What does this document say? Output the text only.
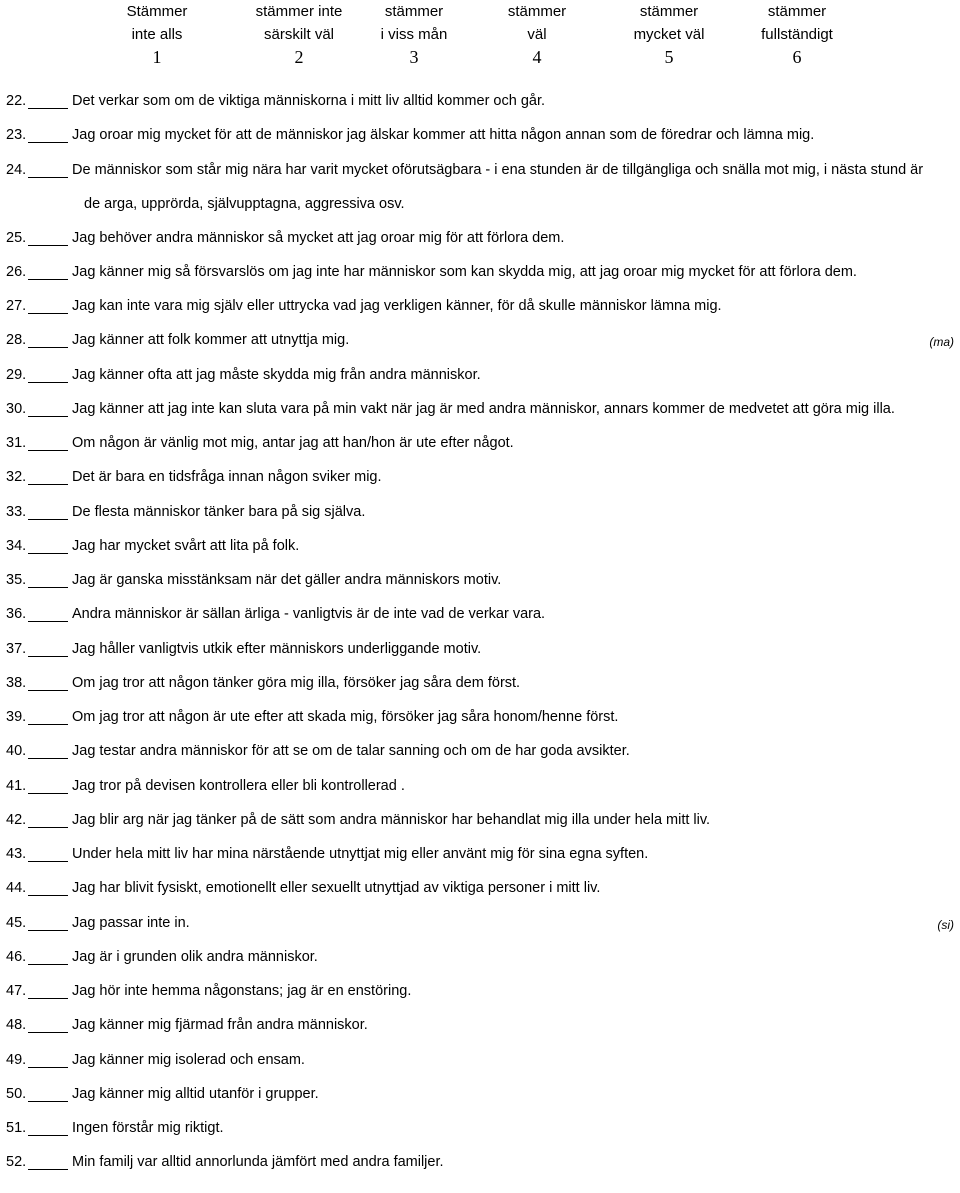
Stämmer
inte alls
1
stämmer inte
särskilt väl
2
stämmer
i viss mån
3
stämmer
väl
4
stämmer
mycket väl
5
stämmer
fullständigt
6
22.	Det verkar som om de viktiga människorna i mitt liv alltid kommer och går.
23.	Jag oroar mig mycket för att de människor jag älskar kommer att hitta någon annan som de föredrar och lämna mig.
24.	De människor som står mig nära har varit mycket oförutsägbara - i ena stunden är de tillgängliga och snälla mot mig, i nästa stund är
de arga, upprörda, självupptagna, aggressiva osv.
25.	Jag behöver andra människor så mycket att jag oroar mig för att förlora dem.
26.	Jag känner mig så försvarslös om jag inte har människor som kan skydda mig, att jag oroar mig mycket för att förlora dem.
27.	Jag kan inte vara mig själv eller uttrycka vad jag verkligen känner, för då skulle människor lämna mig.
28.	Jag känner att folk kommer att utnyttja mig.	(ma)
29.	Jag känner ofta att jag måste skydda mig från andra människor.
30.	Jag känner att jag inte kan sluta vara på min vakt när jag är med andra människor, annars kommer de medvetet att göra mig illa.
31.	Om någon är vänlig mot mig, antar jag att han/hon är ute efter något.
32.	Det är bara en tidsfråga innan någon sviker mig.
33.	De flesta människor tänker bara på sig själva.
34.	Jag har mycket svårt att lita på folk.
35.	Jag är ganska misstänksam när det gäller andra människors motiv.
36.	Andra människor är sällan ärliga - vanligtvis är de inte vad de verkar vara.
37.	Jag håller vanligtvis utkik efter människors underliggande motiv.
38.	Om jag tror att någon tänker göra mig illa, försöker jag såra dem först.
39.	Om jag tror att någon är ute efter att skada mig, försöker jag såra honom/henne först.
40.	Jag testar andra människor för att se om de talar sanning och om de har goda avsikter.
41.	Jag tror på devisen kontrollera eller bli kontrollerad .
42.	Jag blir arg när jag tänker på de sätt som andra människor har behandlat mig illa under hela mitt liv.
43.	Under hela mitt liv har mina närstående utnyttjat mig eller använt mig för sina egna syften.
44.	Jag har blivit fysiskt, emotionellt eller sexuellt utnyttjad av viktiga personer i mitt liv.
45.	Jag passar inte in.	(si)
46.	Jag är i grunden olik andra människor.
47.	Jag hör inte hemma någonstans; jag är en enstöring.
48.	Jag känner mig fjärmad från andra människor.
49.	Jag känner mig isolerad och ensam.
50.	Jag känner mig alltid utanför i grupper.
51.	Ingen förstår mig riktigt.
52.	Min familj var alltid annorlunda jämfört med andra familjer.
